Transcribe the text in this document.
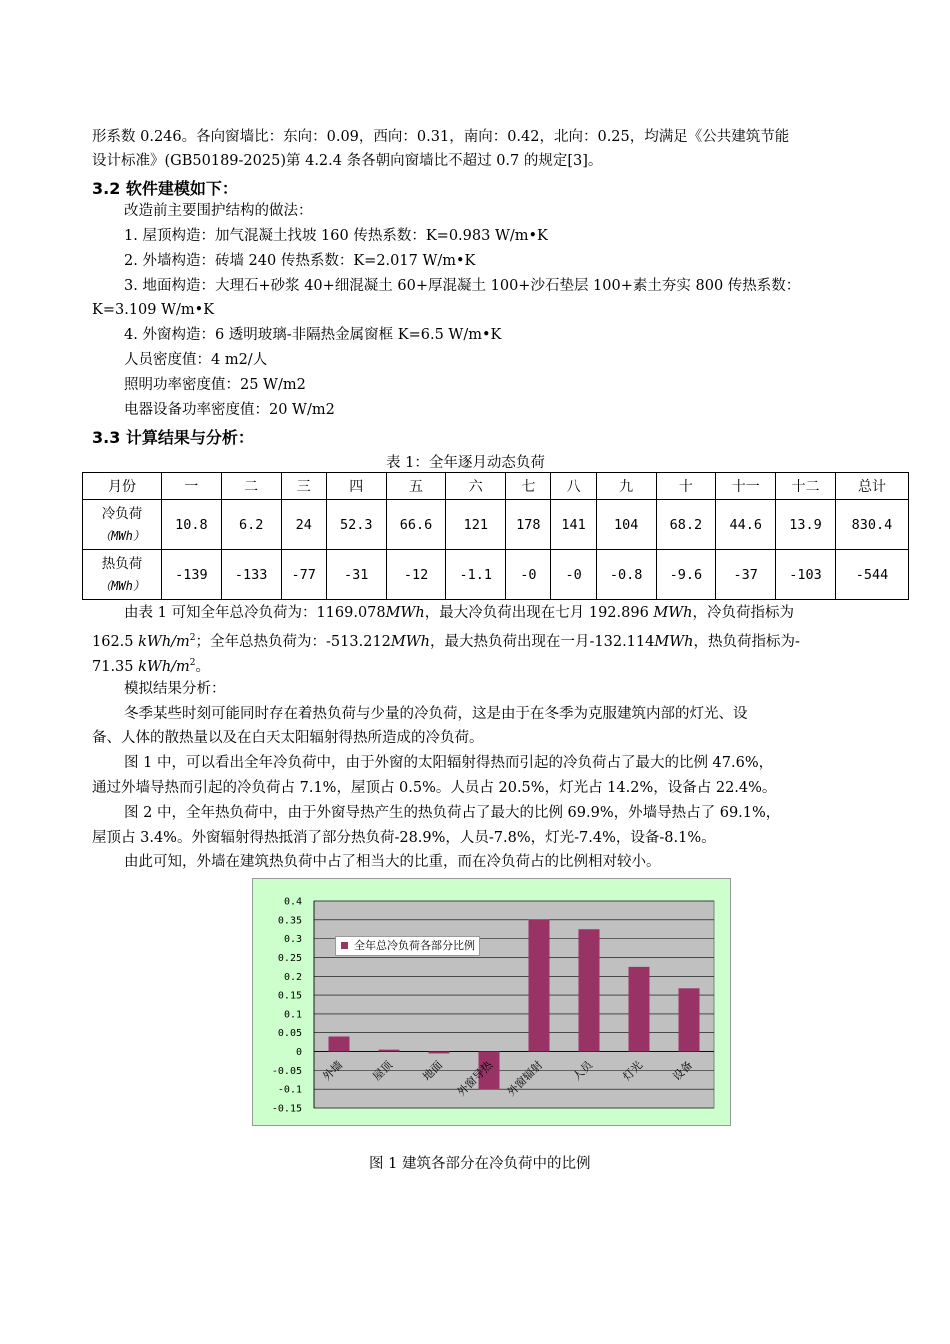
形系数 0.246。各向窗墙比：东向：0.09，西向：0.31，南向：0.42，北向：0.25，均满足《公共建筑节能

设计标准》(GB50189-2025)第 4.2.4 条各朝向窗墙比不超过 0.7 的规定[3]。

3.2 软件建模如下：

改造前主要围护结构的做法：

1. 屋顶构造：加气混凝土找坡 160 传热系数：K=0.983 W/m•K

2. 外墙构造：砖墙 240 传热系数：K=2.017 W/m•K

3. 地面构造：大理石+砂浆 40+细混凝土 60+厚混凝土 100+沙石垫层 100+素土夯实 800 传热系数：

K=3.109 W/m•K

4. 外窗构造：6 透明玻璃-非隔热金属窗框 K=6.5 W/m•K

人员密度值：4 m2/人

照明功率密度值：25 W/m2

电器设备功率密度值：20 W/m2

3.3 计算结果与分析：

表 1：全年逐月动态负荷
月份	一	二	三	四	五	六	七	八	九	十	十一	十二	总计

冷负荷
（MWh）	10.8	6.2	24	52.3	66.6	121	178	141	104	68.2	44.6	13.9	830.4

热负荷
（MWh）	-139	-133	-77	-31	-12	-1.1	-0	-0	-0.8	-9.6	-37	-103	-544

由表 1 可知全年总冷负荷为：1169.078MWh，最大冷负荷出现在七月 192.896 MWh，冷负荷指标为

162.5 kWh/$m^2$；全年总热负荷为：-513.212MWh，最大热负荷出现在一月-132.114MWh，热负荷指标为-

71.35 kWh/$m^2$。

模拟结果分析：

冬季某些时刻可能同时存在着热负荷与少量的冷负荷，这是由于在冬季为克服建筑内部的灯光、设

备、人体的散热量以及在白天太阳辐射得热所造成的冷负荷。

图 1 中，可以看出全年冷负荷中，由于外窗的太阳辐射得热而引起的冷负荷占了最大的比例 47.6%，

通过外墙导热而引起的冷负荷占 7.1%，屋顶占 0.5%。人员占 20.5%，灯光占 14.2%，设备占 22.4%。

图 2 中，全年热负荷中，由于外窗导热产生的热负荷占了最大的比例 69.9%，外墙导热占了 69.1%，

屋顶占 3.4%。外窗辐射得热抵消了部分热负荷-28.9%，人员-7.8%，灯光-7.4%，设备-8.1%。

由此可知，外墙在建筑热负荷中占了相当大的比重，而在冷负荷占的比例相对较小。

0.4
0.35
0.3
0.25
0.2
0.15
0.1
0.05
0
-0.05
-0.1
-0.15
外墙 屋顶 地面 外窗导热 外窗辐射 人员 灯光 设备
全年总冷负荷各部分比例
图 1 建筑各部分在冷负荷中的比例
